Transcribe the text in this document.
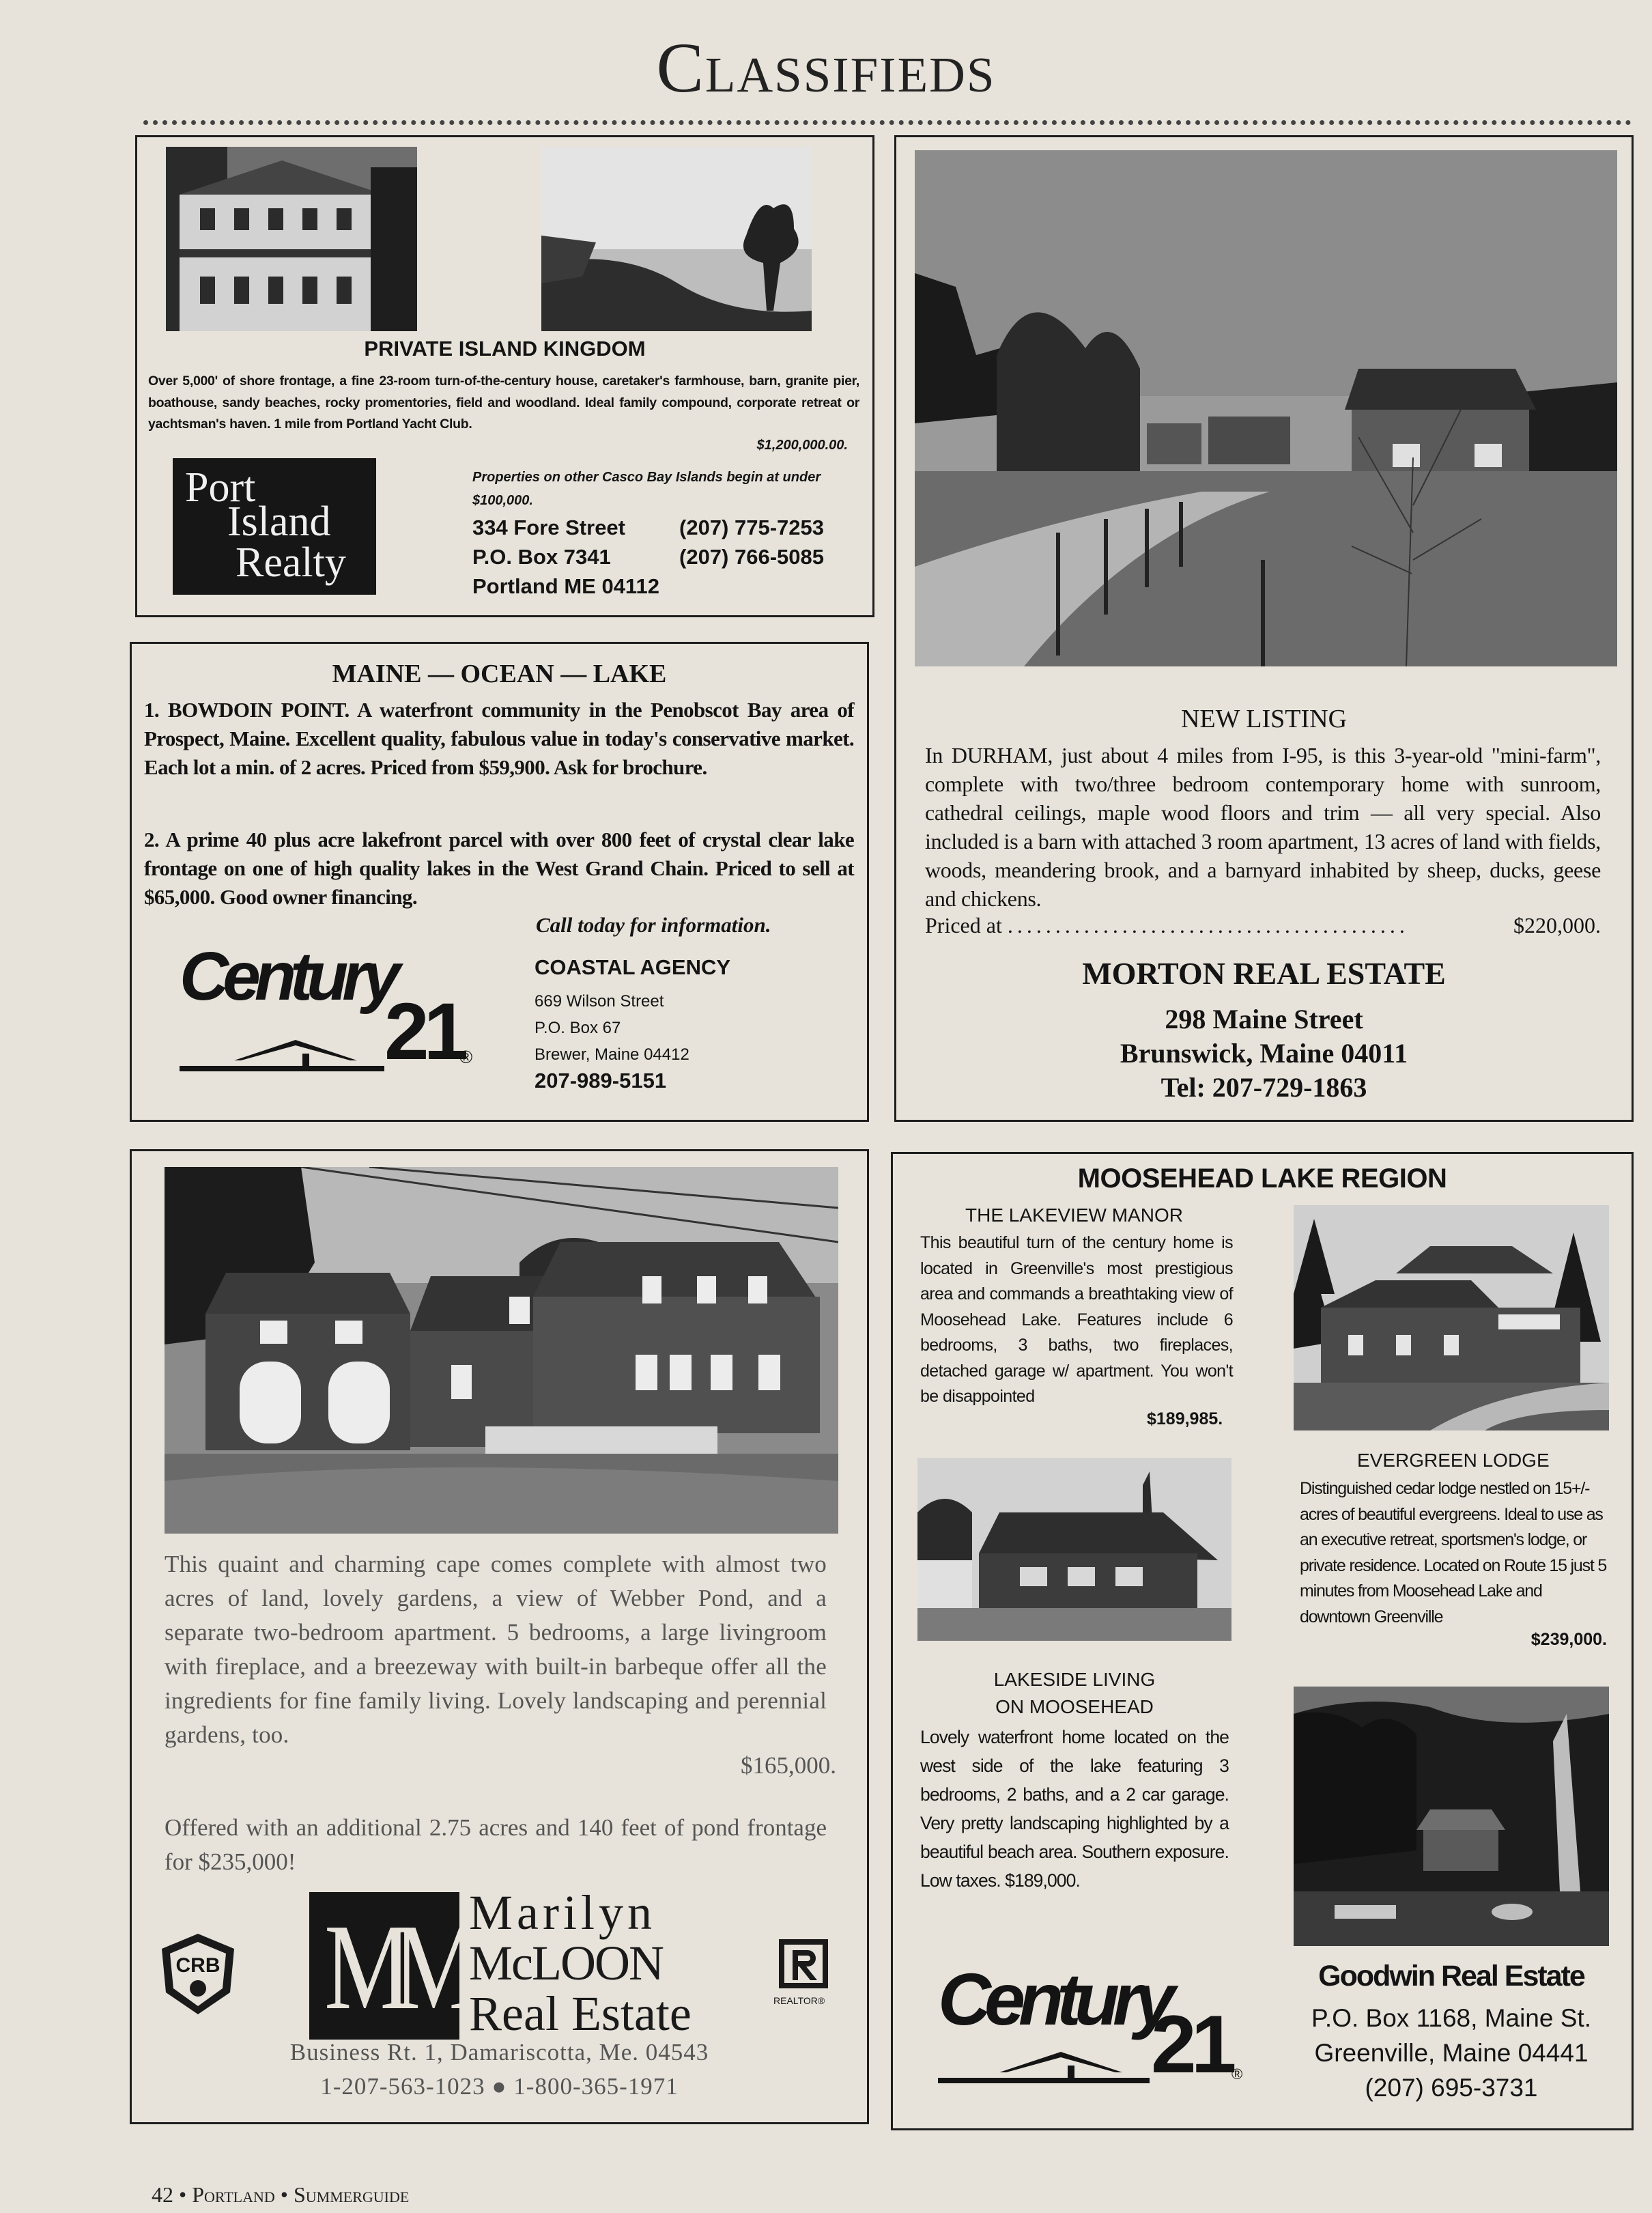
Classifieds
PRIVATE ISLAND KINGDOM
Over 5,000' of shore frontage, a fine 23-room turn-of-the-century house, caretaker's farmhouse, barn, granite pier, boathouse, sandy beaches, rocky promentories, field and woodland. Ideal family compound, corporate retreat or yachtsman's haven. 1 mile from Portland Yacht Club.
$1,200,000.00.
Port
Island
Realty
Properties on other Casco Bay Islands begin at under $100,000.
334 Fore Street
P.O. Box 7341
Portland ME 04112
(207) 775-7253
(207) 766-5085
MAINE — OCEAN — LAKE
1. BOWDOIN POINT. A waterfront community in the Penobscot Bay area of Prospect, Maine. Excellent quality, fabulous value in today's conservative market. Each lot a min. of 2 acres. Priced from $59,900. Ask for brochure.
2. A prime 40 plus acre lakefront parcel with over 800 feet of crystal clear lake frontage on one of high quality lakes in the West Grand Chain. Priced to sell at $65,000. Good owner financing.
Call today for information.
Century
21
®
COASTAL AGENCY
669 Wilson Street
P.O. Box 67
Brewer, Maine 04412
207-989-5151
NEW LISTING
In DURHAM, just about 4 miles from I-95, is this 3-year-old "mini-farm", complete with two/three bedroom contemporary home with sunroom, cathedral ceilings, maple wood floors and trim — all very special. Also included is a barn with attached 3 room apartment, 13 acres of land with fields, woods, meandering brook, and a barnyard inhabited by sheep, ducks, geese and chickens.
Priced at ..........................................	$220,000.
MORTON REAL ESTATE
298 Maine Street
Brunswick, Maine 04011
Tel: 207-729-1863
This quaint and charming cape comes complete with almost two acres of land, lovely gardens, a view of Webber Pond, and a separate two-bedroom apartment. 5 bedrooms, a large livingroom with fireplace, and a breezeway with built-in barbeque offer all the ingredients for fine family living. Lovely landscaping and perennial gardens, too.
$165,000.
Offered with an additional 2.75 acres and 140 feet of pond frontage for $235,000!
CRB MM Marilyn
McLOON
Real Estate	REALTOR®
Business Rt. 1, Damariscotta, Me. 04543
1-207-563-1023 ● 1-800-365-1971
MOOSEHEAD LAKE REGION
THE LAKEVIEW MANOR
This beautiful turn of the century home is located in Greenville's most prestigious area and commands a breathtaking view of Moosehead Lake. Features include 6 bedrooms, 3 baths, two fireplaces, detached garage w/ apartment. You won't be disappointed
$189,985.
EVERGREEN LODGE
Distinguished cedar lodge nestled on 15+/- acres of beautiful evergreens. Ideal to use as an executive retreat, sportsmen's lodge, or private residence. Located on Route 15 just 5 minutes from Moosehead Lake and downtown Greenville
$239,000.
LAKESIDE LIVING
ON MOOSEHEAD
Lovely waterfront home located on the west side of the lake featuring 3 bedrooms, 2 baths, and a 2 car garage. Very pretty landscaping highlighted by a beautiful beach area. Southern exposure. Low taxes. $189,000.
Century
21 ®
Goodwin Real Estate
P.O. Box 1168, Maine St.
Greenville, Maine 04441
(207) 695-3731
42 • Portland • Summerguide
